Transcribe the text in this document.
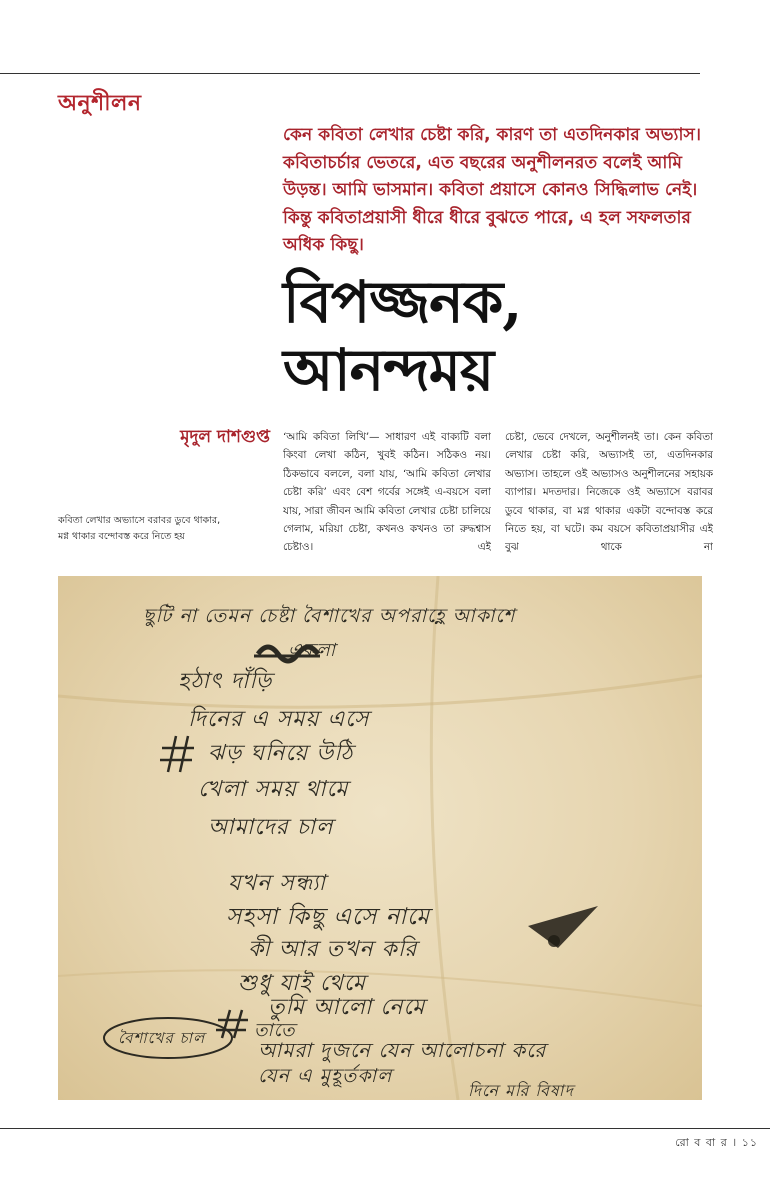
অনুশীলন
কেন কবিতা লেখার চেষ্টা করি, কারণ তা এতদিনকার অভ্যাস। কবিতাচর্চার ভেতরে, এত বছরের অনুশীলনরত বলেই আমি উড়ন্ত। আমি ভাসমান। কবিতা প্রয়াসে কোনও সিদ্ধিলাভ নেই। কিন্তু কবিতাপ্রয়াসী ধীরে ধীরে বুঝতে পারে, এ হল সফলতার অধিক কিছু।
বিপজ্জনক,
আনন্দময়
মৃদুল দাশগুপ্ত
কবিতা লেখার অভ্যাসে বরাবর ডুবে থাকার, মগ্ন থাকার বন্দোবস্ত করে নিতে হয়
‘আমি কবিতা লিখি’— সাধারণ এই বাক্যটি বলা কিংবা লেখা কঠিন, খুবই কঠিন। সঠিকও নয়। ঠিকভাবে বললে, বলা যায়, ‘আমি কবিতা লেখার চেষ্টা করি’ এবং বেশ গর্বের সঙ্গেই এ-বয়সে বলা যায়, সারা জীবন আমি কবিতা লেখার চেষ্টা চালিয়ে গেলাম, মরিয়া চেষ্টা, কখনও কখনও তা রুদ্ধশ্বাস চেষ্টাও। এই
চেষ্টা, ভেবে দেখলে, অনুশীলনই তা। কেন কবিতা লেখার চেষ্টা করি, অভ্যাসই তা, এতদিনকার অভ্যাস। তাহলে ওই অভ্যাসও অনুশীলনের সহায়ক ব্যাপার। মদতদার। নিজেকে ওই অভ্যাসে বরাবর ডুবে থাকার, বা মগ্ন থাকার একটা বন্দোবস্ত করে নিতে হয়, বা ঘটে। কম বয়সে কবিতাপ্রয়াসীর এই বুঝ থাকে না
ছুটি না তেমন চেষ্টা বৈশাখের অপরাহ্ণে আকাশে
একলা
হঠাৎ দাঁড়ি
দিনের এ সময় এসে
ঝড় ঘনিয়ে উঠি
খেলা সময় থামে
আমাদের চাল
যখন সন্ধ্যা
সহসা কিছু এসে নামে
কী আর তখন করি
শুধু যাই থেমে
তুমি আলো নেমে
তাতে
আমরা দুজনে যেন আলোচনা করে
যেন এ মুহূর্তকাল
দিনে মরি বিষাদ
বৈশাখের চাল
রো ব বা র । ১১
